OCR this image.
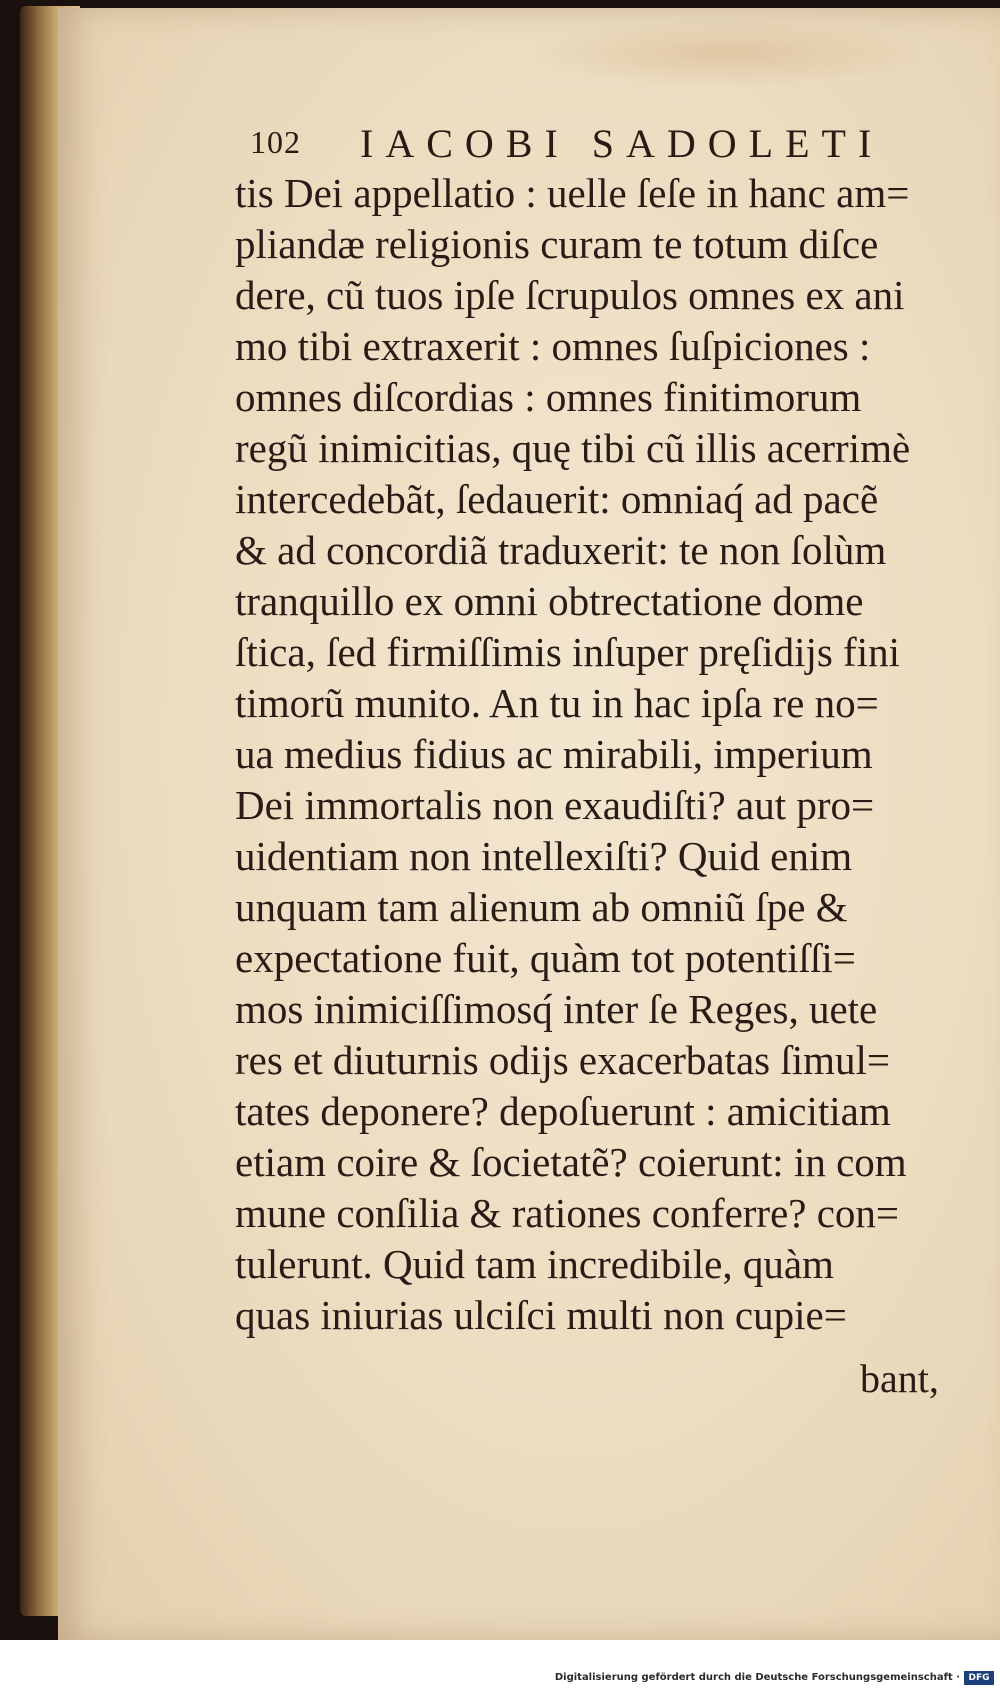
102 IACOBI SADOLETI
tis Dei appellatio : uelle ſeſe in hanc am=
pliandæ religionis curam te totum diſce
dere, cũ tuos ipſe ſcrupulos omnes ex ani
mo tibi extraxerit : omnes ſuſpiciones :
omnes diſcordias : omnes finitimorum
regũ inimicitias, quę tibi cũ illis acerrimè
intercedebãt, ſedauerit: omniaq́ ad pacẽ
& ad concordiã traduxerit: te non ſolùm
tranquillo ex omni obtrectatione dome
ſtica, ſed firmiſſimis inſuper pręſidijs fini
timorũ munito. An tu in hac ipſa re no=
ua medius fidius ac mirabili, imperium
Dei immortalis non exaudiſti? aut pro=
uidentiam non intellexiſti? Quid enim
unquam tam alienum ab omniũ ſpe &
expectatione fuit, quàm tot potentiſſi=
mos inimiciſſimosq́ inter ſe Reges, uete
res et diuturnis odijs exacerbatas ſimul=
tates deponere? depoſuerunt : amicitiam
etiam coire & ſocietatẽ? coierunt: in com
mune conſilia & rationes conferre? con=
tulerunt. Quid tam incredibile, quàm
quas iniurias ulciſci multi non cupie=
bant,
Digitalisierung gefördert durch die Deutsche Forschungsgemeinschaft · DFG
